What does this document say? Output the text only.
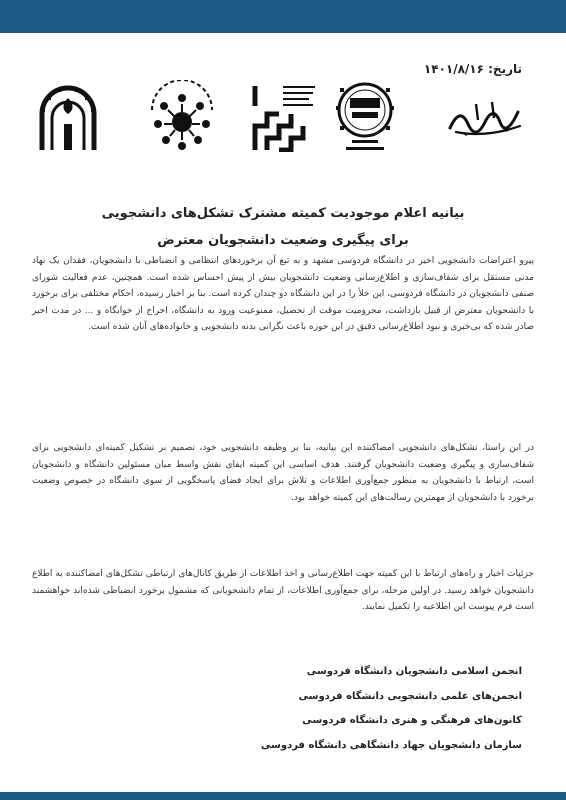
تاریخ: ۱۴۰۱/۸/۱۶
بیانیه اعلام موجودیت کمیته مشترک تشکل‌های دانشجویی
برای پیگیری وضعیت دانشجویان معترض
پیرو اعتراضات دانشجویی اخیر در دانشگاه فردوسی مشهد و به تبع آن برخوردهای انتظامی و انضباطی با دانشجویان، فقدان یک نهاد مدنی مستقل برای شفاف‌سازی و اطلاع‌رسانی وضعیت دانشجویان بیش از پیش احساس شده است. همچنین، عدم فعالیت شورای صنفی دانشجویان در دانشگاه فردوسی، این خلأ را در این دانشگاه دو چندان کرده است. بنا بر اخبار رسیده، احکام مختلفی برای برخورد با دانشجویان معترض از قبیل بازداشت، محرومیت موقت از تحصیل، ممنوعیت ورود به دانشگاه، اخراج از خوابگاه و ... در مدت اخیر صادر شده که بی‌خبری و نبود اطلاع‌رسانی دقیق در این حوزه باعث نگرانی بدنه دانشجویی و خانواده‌های آنان شده است.
در این راستا، تشکل‌های دانشجویی امضاکننده این بیانیه، بنا بر وظیفه دانشجویی خود، تصمیم بر تشکیل کمیته‌ای دانشجویی برای شفاف‌سازی و پیگیری وضعیت دانشجویان گرفتند. هدف اساسی این کمیته ایفای نقش واسط میان مسئولین دانشگاه و دانشجویان است، ارتباط با دانشجویان به منظور جمع‌آوری اطلاعات و تلاش برای ایجاد فضای پاسخگویی از سوی دانشگاه در خصوص وضعیت برخورد با دانشجویان از مهمترین رسالت‌های این کمیته خواهد بود.
جزئیات اخبار و راه‌های ارتباط با این کمیته جهت اطلاع‌رسانی و اخذ اطلاعات از طریق کانال‌های ارتباطی تشکل‌های امضاکننده به اطلاع دانشجویان خواهد رسید. در اولین مرحله، برای جمع‌آوری اطلاعات، از تمام دانشجویانی که مشمول برخورد انضباطی شده‌اند خواهشمند است فرم پیوست این اطلاعیه را تکمیل نمایند.
انجمن اسلامی دانشجویان دانشگاه فردوسی
انجمن‌های علمی دانشجویی دانشگاه فردوسی
کانون‌های فرهنگی و هنری دانشگاه فردوسی
سازمان دانشجویان جهاد دانشگاهی دانشگاه فردوسی
